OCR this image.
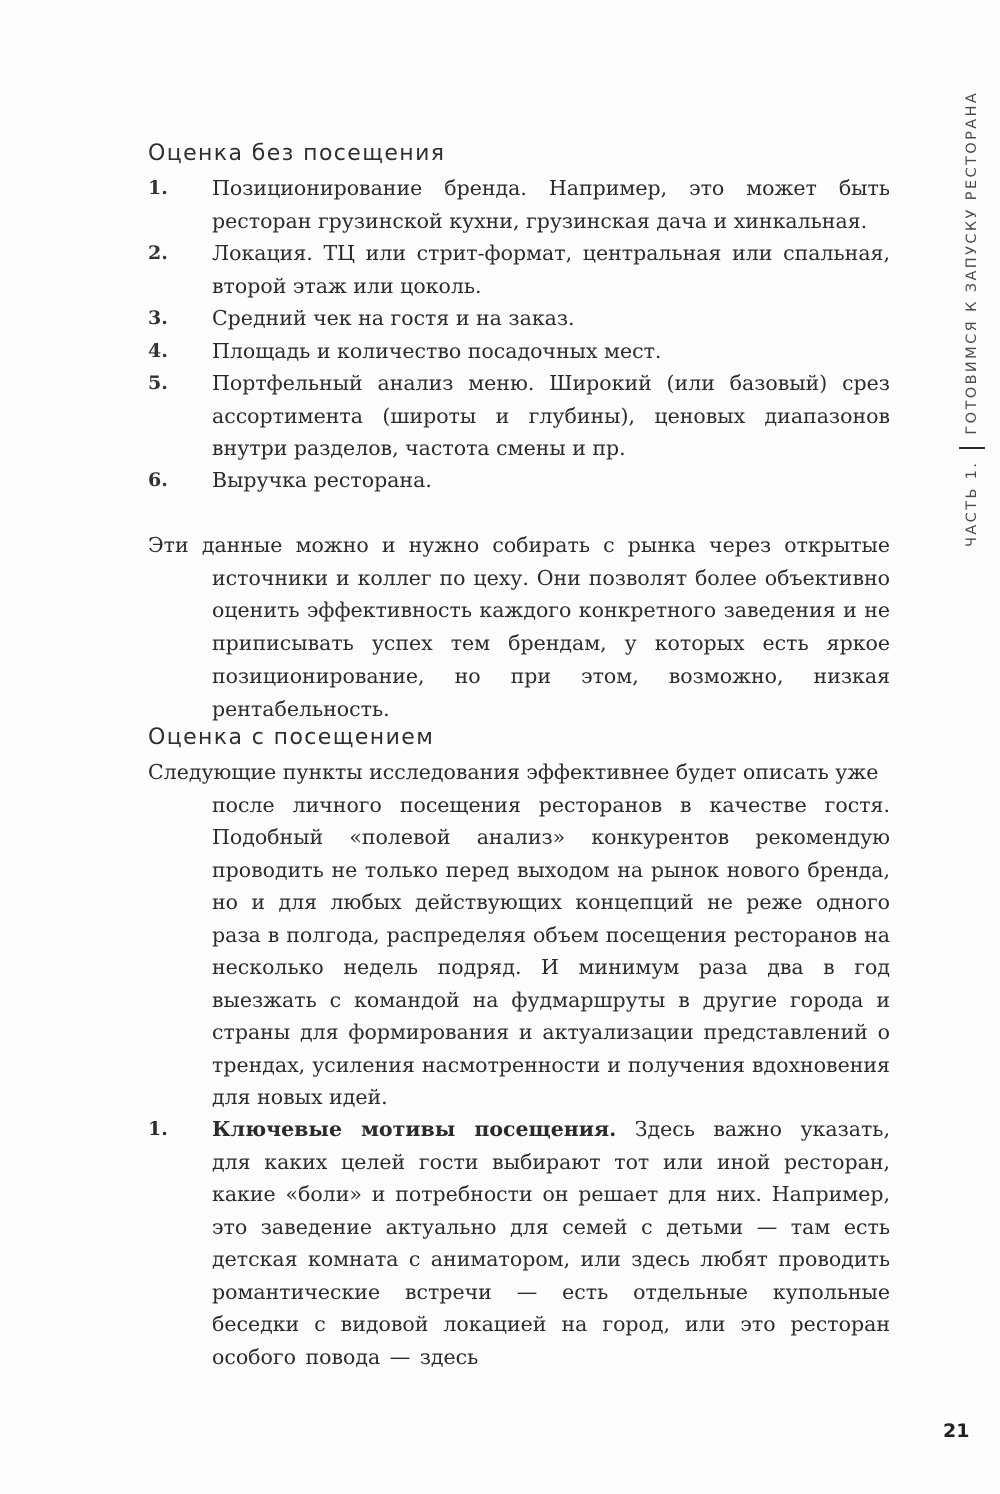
ЧАСТЬ 1.ГОТОВИМСЯ К ЗАПУСКУ РЕСТОРАНА
Оценка без посещения
1. Позиционирование бренда. Например, это может быть ресторан грузинской кухни, грузинская дача и хинкальная.
2. Локация. ТЦ или стрит-формат, центральная или спальная, второй этаж или цоколь.
3. Средний чек на гостя и на заказ.
4. Площадь и количество посадочных мест.
5. Портфельный анализ меню. Широкий (или базовый) срез ассортимента (широты и глубины), ценовых диапазонов внутри разделов, частота смены и пр.
6. Выручка ресторана.

Эти данные можно и нужно собирать с рынка через открытые источники и коллег по цеху. Они позволят более объективно оценить эффективность каждого конкретного заведения и не приписывать успех тем брендам, у которых есть яркое позиционирование, но при этом, возможно, низкая рентабельность.

Оценка с посещением
Следующие пункты исследования эффективнее будет описать уже
после личного посещения ресторанов в качестве гостя. Подобный «полевой анализ» конкурентов рекомендую проводить не только перед выходом на рынок нового бренда, но и для любых действующих концепций не реже одного раза в полгода, распределяя объем посещения ресторанов на несколько недель подряд. И минимум раза два в год выезжать с командой на фудмаршруты в другие города и страны для формирования и актуализации представлений о трендах, усиления насмотренности и получения вдохновения для новых идей.
1. Ключевые мотивы посещения. Здесь важно указать, для каких целей гости выбирают тот или иной ресторан, какие «боли» и потребности он решает для них. Например, это заведение актуально для семей с детьми — там есть детская комната с аниматором, или здесь любят проводить романтические встречи — есть отдельные купольные беседки с видовой локацией на город, или это ресторан особого повода — здесь
21
